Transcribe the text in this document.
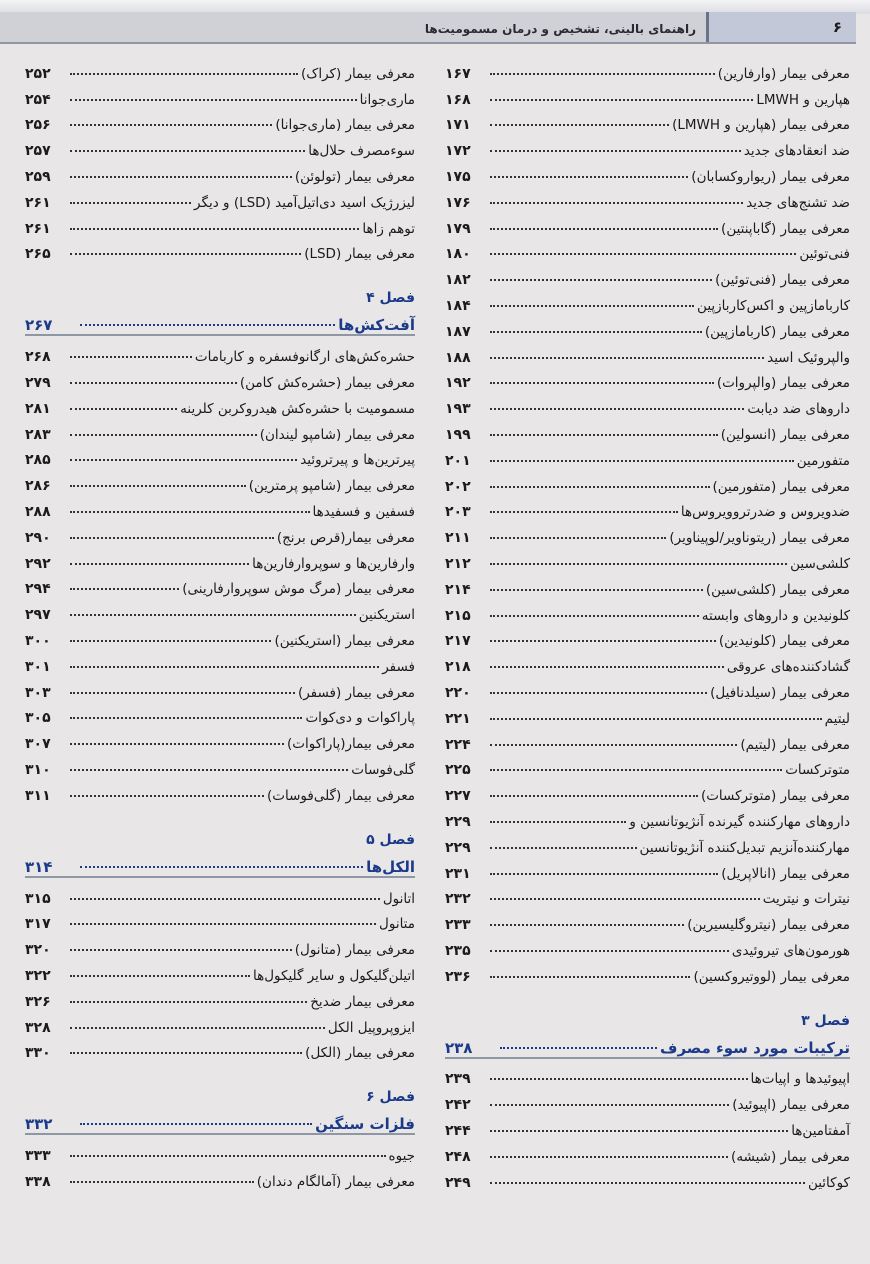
۶
راهنمای بالینی، تشخیص و درمان مسمومیت‌ها
معرفی بیمار (وارفارین)
۱۶۷
هپارین و LMWH
۱۶۸
معرفی بیمار (هپارین و LMWH)
۱۷۱
ضد انعقادهای جدید
۱۷۲
معرفی بیمار (ریواروکسابان)
۱۷۵
ضد تشنج‌های جدید
۱۷۶
معرفی بیمار (گاباپنتین)
۱۷۹
فنی‌توئین
۱۸۰
معرفی بیمار (فنی‌توئین)
۱۸۲
کاربامازپین و اکس‌کاربازپین
۱۸۴
معرفی بیمار (کاربامازپین)
۱۸۷
والپروئیک اسید
۱۸۸
معرفی بیمار (والپروات)
۱۹۲
داروهای ضد دیابت
۱۹۳
معرفی بیمار (انسولین)
۱۹۹
متفورمین
۲۰۱
معرفی بیمار (متفورمین)
۲۰۲
ضدویروس و ضدرتروویروس‌ها
۲۰۳
معرفی بیمار (ریتوناویر/لوپیناویر)
۲۱۱
کلشی‌سین
۲۱۲
معرفی بیمار (کلشی‌سین)
۲۱۴
کلونیدین و داروهای وابسته
۲۱۵
معرفی بیمار (کلونیدین)
۲۱۷
گشادکننده‌های عروقی
۲۱۸
معرفی بیمار (سیلدنافیل)
۲۲۰
لیتیم
۲۲۱
معرفی بیمار (لیتیم)
۲۲۴
متوترکسات
۲۲۵
معرفی بیمار (متوترکسات)
۲۲۷
داروهای مهارکننده گیرنده آنژیوتانسین و
۲۲۹
مهارکننده‌آنزیم تبدیل‌کننده آنژیوتانسین
۲۲۹
معرفی بیمار (انالاپریل)
۲۳۱
نیترات و نیتریت
۲۳۲
معرفی بیمار (نیتروگلیسیرین)
۲۳۳
هورمون‌های تیروئیدی
۲۳۵
معرفی بیمار (لووتیروکسین)
۲۳۶
فصل ۳
ترکیبات مورد سوء مصرف
۲۳۸
اپیوئیدها و اپیات‌ها
۲۳۹
معرفی بیمار (اپیوئید)
۲۴۲
آمفتامین‌ها
۲۴۴
معرفی بیمار (شیشه)
۲۴۸
کوکائین
۲۴۹
معرفی بیمار (کراک)
۲۵۲
ماری‌جوانا
۲۵۴
معرفی بیمار (ماری‌جوانا)
۲۵۶
سوءمصرف حلال‌ها
۲۵۷
معرفی بیمار (تولوئن)
۲۵۹
لیزرژیک اسید دی‌اتیل‌آمید (LSD) و دیگر
۲۶۱
توهم زاها
۲۶۱
معرفی بیمار (LSD)
۲۶۵
فصل ۴
آفت‌کش‌ها
۲۶۷
حشره‌کش‌های ارگانوفسفره و کاربامات
۲۶۸
معرفی بیمار (حشره‌کش کامن)
۲۷۹
مسمومیت با حشره‌کش هیدروکربن کلرینه
۲۸۱
معرفی بیمار (شامپو لیندان)
۲۸۳
پیرترین‌ها و پیرتروئید
۲۸۵
معرفی بیمار (شامپو پرمترین)
۲۸۶
فسفین و فسفیدها
۲۸۸
معرفی بیمار(قرص برنج)
۲۹۰
وارفارین‌ها و سوپروارفارین‌ها
۲۹۲
معرفی بیمار (مرگ موش سوپروارفارینی)
۲۹۴
استریکنین
۲۹۷
معرفی بیمار (استریکنین)
۳۰۰
فسفر
۳۰۱
معرفی بیمار (فسفر)
۳۰۳
پاراکوات و دی‌کوات
۳۰۵
معرفی بیمار(پاراکوات)
۳۰۷
گلی‌فوسات
۳۱۰
معرفی بیمار (گلی‌فوسات)
۳۱۱
فصل ۵
الکل‌ها
۳۱۴
اتانول
۳۱۵
متانول
۳۱۷
معرفی بیمار (متانول)
۳۲۰
اتیلن‌گلیکول و سایر گلیکول‌ها
۳۲۲
معرفی بیمار ضدیخ
۳۲۶
ایزوپروپیل الکل
۳۲۸
معرفی بیمار (الکل)
۳۳۰
فصل ۶
فلزات سنگین
۳۳۲
جیوه
۳۳۳
معرفی بیمار (آمالگام دندان)
۳۳۸
